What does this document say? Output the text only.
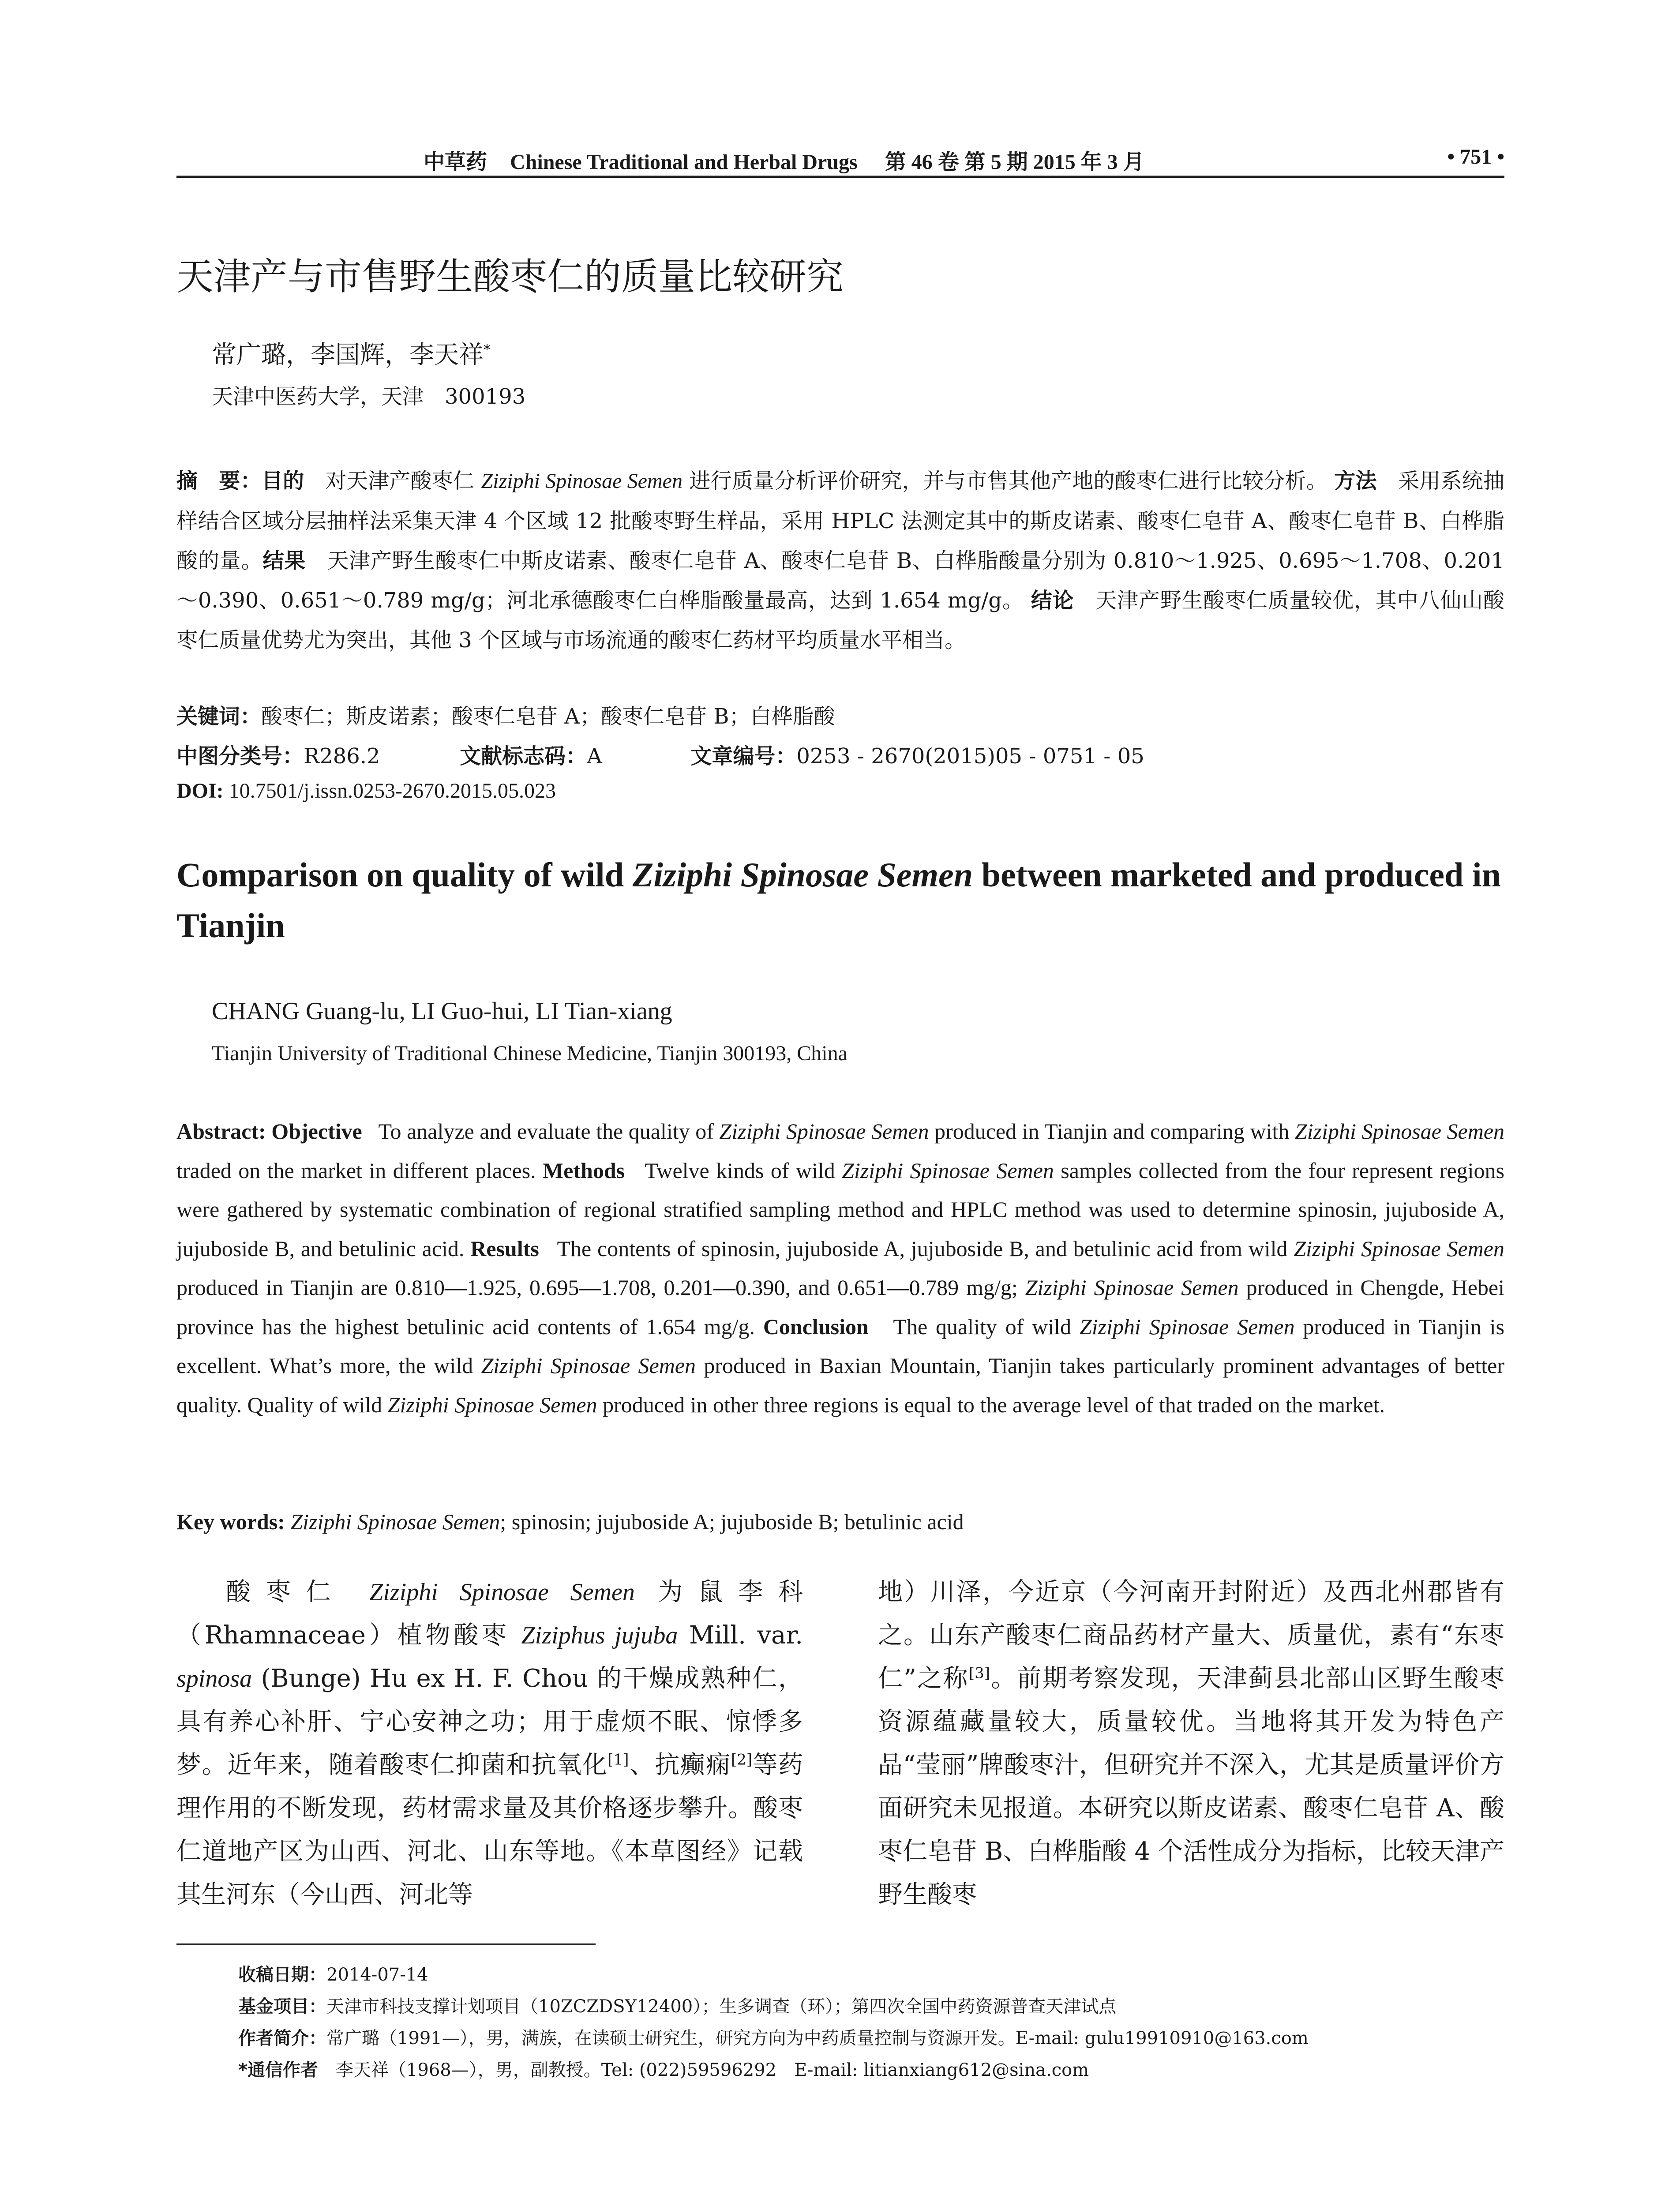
中草药 Chinese Traditional and Herbal Drugs 第 46 卷 第 5 期 2015 年 3 月	• 751 •
天津产与市售野生酸枣仁的质量比较研究
常广璐，李国辉，李天祥*
天津中医药大学，天津　300193
摘　要：目的　 对天津产酸枣仁 Ziziphi Spinosae Semen 进行质量分析评价研究，并与市售其他产地的酸枣仁进行比较分析。 方法　 采用系统抽样结合区域分层抽样法采集天津 4 个区域 12 批酸枣野生样品，采用 HPLC 法测定其中的斯皮诺素、酸枣仁皂苷 A、酸枣仁皂苷 B、白桦脂酸的量。结果　 天津产野生酸枣仁中斯皮诺素、酸枣仁皂苷 A、酸枣仁皂苷 B、白桦脂酸量分别为 0.810～1.925、0.695～1.708、0.201～0.390、0.651～0.789 mg/g；河北承德酸枣仁白桦脂酸量最高，达到 1.654 mg/g。 结论　 天津产野生酸枣仁质量较优，其中八仙山酸枣仁质量优势尤为突出，其他 3 个区域与市场流通的酸枣仁药材平均质量水平相当。
关键词：酸枣仁；斯皮诺素；酸枣仁皂苷 A；酸枣仁皂苷 B；白桦脂酸
中图分类号：R286.2	文献标志码：A	文章编号：0253 - 2670(2015)05 - 0751 - 05
DOI: 10.7501/j.issn.0253-2670.2015.05.023
Comparison on quality of wild Ziziphi Spinosae Semen between marketed and produced in Tianjin
CHANG Guang-lu, LI Guo-hui, LI Tian-xiang
Tianjin University of Traditional Chinese Medicine, Tianjin 300193, China
Abstract: Objective To analyze and evaluate the quality of Ziziphi Spinosae Semen produced in Tianjin and comparing with Ziziphi Spinosae Semen traded on the market in different places. Methods Twelve kinds of wild Ziziphi Spinosae Semen samples collected from the four represent regions were gathered by systematic combination of regional stratified sampling method and HPLC method was used to determine spinosin, jujuboside A, jujuboside B, and betulinic acid. Results The contents of spinosin, jujuboside A, jujuboside B, and betulinic acid from wild Ziziphi Spinosae Semen produced in Tianjin are 0.810—1.925, 0.695—1.708, 0.201—0.390, and 0.651—0.789 mg/g; Ziziphi Spinosae Semen produced in Chengde, Hebei province has the highest betulinic acid contents of 1.654 mg/g. Conclusion The quality of wild Ziziphi Spinosae Semen produced in Tianjin is excellent. What’s more, the wild Ziziphi Spinosae Semen produced in Baxian Mountain, Tianjin takes particularly prominent advantages of better quality. Quality of wild Ziziphi Spinosae Semen produced in other three regions is equal to the average level of that traded on the market.
Key words: Ziziphi Spinosae Semen; spinosin; jujuboside A; jujuboside B; betulinic acid
酸枣仁 Ziziphi Spinosae Semen 为鼠李科（Rhamnaceae）植物酸枣 Ziziphus jujuba Mill. var. spinosa (Bunge) Hu ex H. F. Chou 的干燥成熟种仁，具有养心补肝、宁心安神之功；用于虚烦不眠、惊悸多梦。近年来，随着酸枣仁抑菌和抗氧化[1]、抗癫痫[2]等药理作用的不断发现，药材需求量及其价格逐步攀升。酸枣仁道地产区为山西、河北、山东等地。《本草图经》记载其生河东（今山西、河北等
地）川泽，今近京（今河南开封附近）及西北州郡皆有之。山东产酸枣仁商品药材产量大、质量优，素有“东枣仁”之称[3]。前期考察发现，天津蓟县北部山区野生酸枣资源蕴藏量较大，质量较优。当地将其开发为特色产品“莹丽”牌酸枣汁，但研究并不深入，尤其是质量评价方面研究未见报道。本研究以斯皮诺素、酸枣仁皂苷 A、酸枣仁皂苷 B、白桦脂酸 4 个活性成分为指标，比较天津产野生酸枣
收稿日期：2014-07-14
基金项目：天津市科技支撑计划项目（10ZCZDSY12400）；生多调查（环）；第四次全国中药资源普查天津试点
作者简介：常广璐（1991—），男，满族，在读硕士研究生，研究方向为中药质量控制与资源开发。E-mail: gulu19910910@163.com
*通信作者　李天祥（1968—），男，副教授。Tel: (022)59596292　E-mail: litianxiang612@sina.com
